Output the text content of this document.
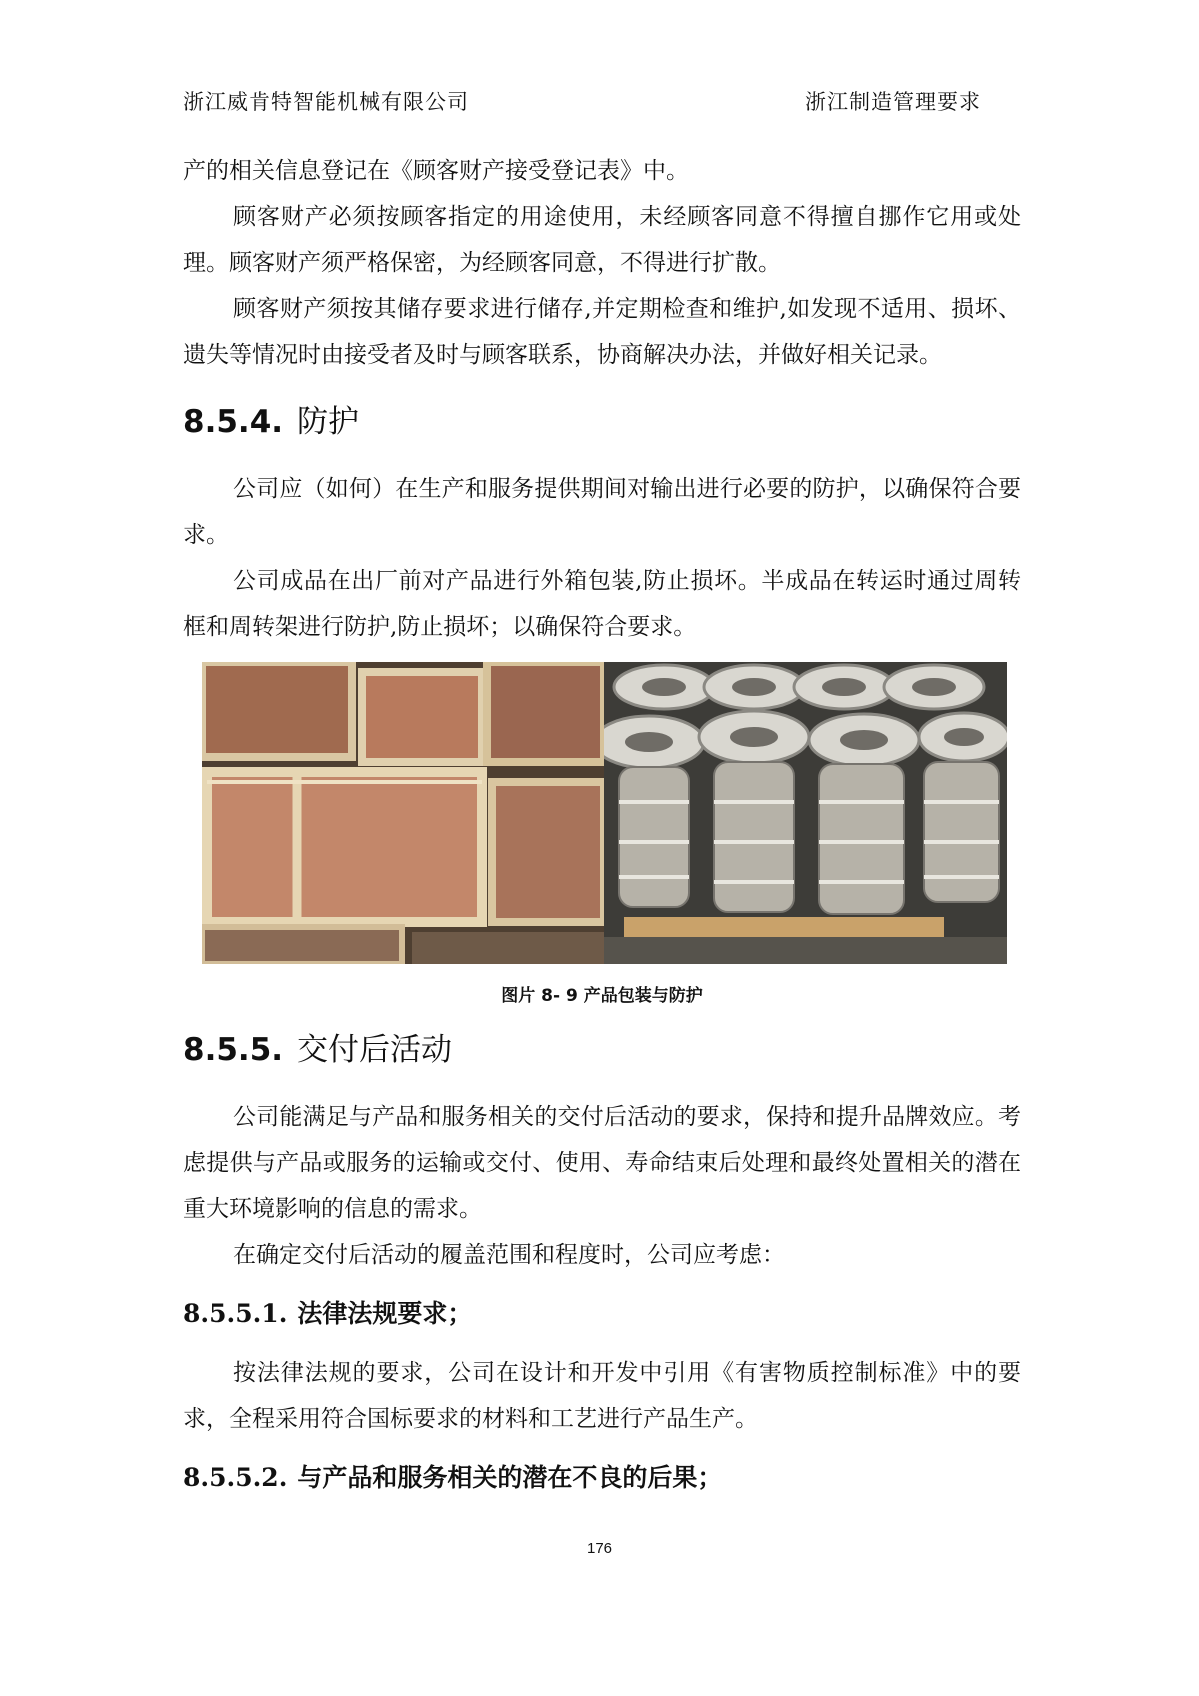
浙江威肯特智能机械有限公司	浙江制造管理要求

产的相关信息登记在《顾客财产接受登记表》中。

顾客财产必须按顾客指定的用途使用，未经顾客同意不得擅自挪作它用或处理。顾客财产须严格保密，为经顾客同意，不得进行扩散。

顾客财产须按其储存要求进行储存,并定期检查和维护,如发现不适用、损坏、遗失等情况时由接受者及时与顾客联系，协商解决办法，并做好相关记录。

8.5.4. 防护

公司应（如何）在生产和服务提供期间对输出进行必要的防护，以确保符合要求。

公司成品在出厂前对产品进行外箱包装,防止损坏。半成品在转运时通过周转框和周转架进行防护,防止损坏；以确保符合要求。

图片 8- 9 产品包装与防护
8.5.5. 交付后活动

公司能满足与产品和服务相关的交付后活动的要求，保持和提升品牌效应。考虑提供与产品或服务的运输或交付、使用、寿命结束后处理和最终处置相关的潜在重大环境影响的信息的需求。

在确定交付后活动的履盖范围和程度时，公司应考虑：

8.5.5.1. 法律法规要求；

按法律法规的要求，公司在设计和开发中引用《有害物质控制标准》中的要求，全程采用符合国标要求的材料和工艺进行产品生产。

8.5.5.2. 与产品和服务相关的潜在不良的后果；
176
